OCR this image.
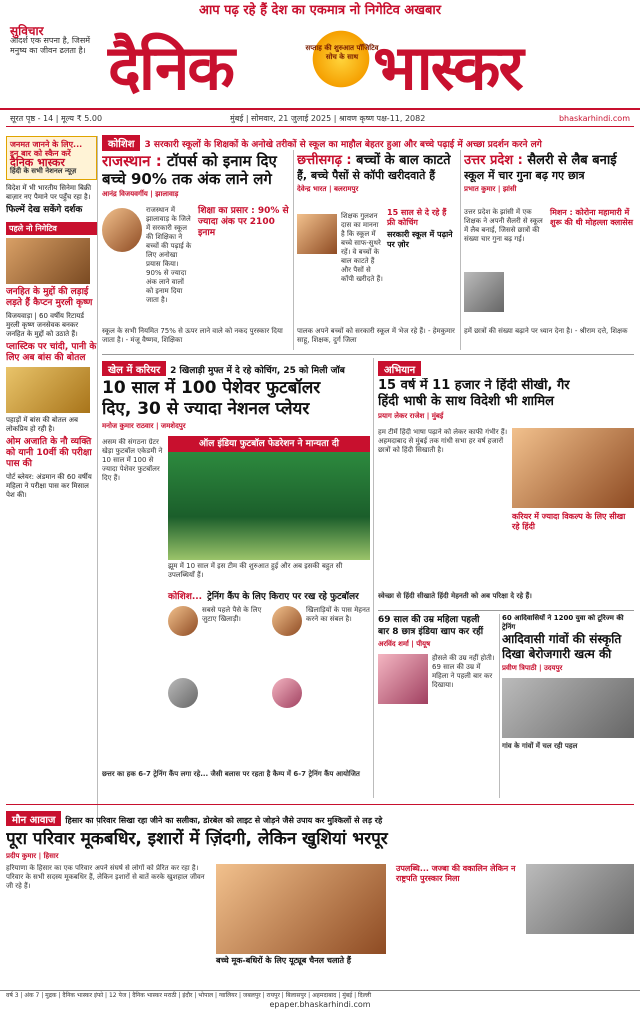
आप पढ़ रहे हैं देश का एकमात्र नो निगेटिव अखबार
सुविचार
आदर्श एक सपना है, जिसमें मनुष्य का जीवन ढलता है। दैनिक	सप्ताह की शुरुआत पॉजिटिव सोच के साथ भास्कर
सूरत पृष्ठ - 14 | मूल्य ₹ 5.00	मुंबई | सोमवार, 21 जुलाई 2025 | श्रावण कृष्ण पक्ष-11, 2082	bhaskarhindi.com
जनमत जानने के लिए...
इन बार को स्कैन करें
दैनिक भास्कर
हिंदी के सभी नेशनल न्यूज़

विदेश में भी भारतीय सिनेमा बिक्री बाज़ार नए पैमाने पर पहुँच रहा है।

फिल्में देख सकेंगे दर्शक
पहले नो निगेटिव
जनहित के मुद्दों की लड़ाई लड़ते हैं कैप्टन मुरली कृष्ण

विजयवाड़ा | 60 वर्षीय रिटायर्ड मुरली कृष्ण जनसेवक बनकर जनहित के मुद्दों को उठाते हैं।

प्लास्टिक पर चांदी, पानी के लिए अब बांस की बोतल

पहाड़ों में बांस की बोतल अब लोकप्रिय हो रही है।

ओम अजाति के नौ व्यक्ति को यानी 10वीं की परीक्षा पास की

पोर्ट ब्लेयर: अंडमान की 60 वर्षीय महिला ने परीक्षा पास कर मिसाल पेश की।

कोशिश 3 सरकारी स्कूलों के शिक्षकों के अनोखे तरीकों से स्कूल का माहौल बेहतर हुआ और बच्चे पढ़ाई में अच्छा प्रदर्शन करने लगे
राजस्थान : टॉपर्स को इनाम दिए
बच्चे 90% तक अंक लाने लगे
आनंद्र विजयवर्गीय | झालावाड़
राजस्थान में झालावाड़ के जिले में सरकारी स्कूल की शिक्षिका ने बच्चों की पढ़ाई के लिए अनोखा प्रयास किया। 90% से ज्यादा अंक लाने वालों को इनाम दिया जाता है।
शिक्षा का प्रसार : 90% से ज्यादा अंक पर 2100 इनाम
स्कूल के सभी नियमित 75% से ऊपर लाने वाले को नकद पुरस्कार दिया जाता है। - मंजू वैष्णव, शिक्षिका
छत्तीसगढ़ : बच्चों के बाल काटते
हैं, बच्चे पैसों से कॉपी खरीदवाते हैं
देवेन्द्र भारत | बलरामपुर
शिक्षक गुलशन दास का मानना है कि स्कूल में बच्चे साफ-सुथरे रहें। वे बच्चों के बाल काटते हैं और पैसों से कॉपी खरीदते हैं।
15 साल से दे रहे हैं फ्री कोचिंग
सरकारी स्कूल में पढ़ाने पर ज़ोर
पालक अपने बच्चों को सरकारी स्कूल में भेज रहे हैं। - हेमकुमार साहू, शिक्षक, दुर्ग जिला
उत्तर प्रदेश : सैलरी से लैब बनाई
स्कूल में चार गुना बढ़ गए छात्र
प्रभात कुमार | झांसी
उत्तर प्रदेश के झांसी में एक शिक्षक ने अपनी सैलरी से स्कूल में लैब बनाई, जिससे छात्रों की संख्या चार गुना बढ़ गई।
मिशन : कोरोना महामारी में शुरू की थी मोहल्ला क्लासेस
हमें छात्रों की संख्या बढ़ाने पर ध्यान देना है। - श्रीराम दत्ते, शिक्षक
खेल में करियर 2 खिलाड़ी मुफ्त में दे रहे कोचिंग, 25 को मिली जॉब
10 साल में 100 पेशेवर फुटबॉलर
दिए, 30 से ज्यादा नेशनल प्लेयर
मनोज कुमार राठवार | जमशेदपुर
असम की संगठना ग्रेटर खेड़ा फुटबॉल एकेडमी ने 10 साल में 100 से ज्यादा पेशेवर फुटबॉलर दिए हैं।
ऑल इंडिया फुटबॉल फेडरेशन ने मान्यता दी
झूम में 10 साल में इस टीम की शुरुआत हुई और अब इसकी बहुत सी उपलब्धियाँ हैं।
कोशिश... ट्रेनिंग कैंप के लिए किराए पर रख रहे फुटबॉलर
सबसे पहले पैसे के लिए जुटाए खिलाड़ी।
खिलाड़ियों के पास मेहनत करने का संबल है।
छत्तर का हक 6-7 ट्रेनिंग कैंप लगा रहे... जैसी बलास पर रहता है कैम्प में 6-7 ट्रेनिंग कैंप आयोजित
अभियान
15 वर्ष में 11 हजार ने हिंदी सीखी, गैर
हिंदी भाषी के साथ विदेशी भी शामिल
प्रयाग लेकर राजेश | मुंबई
हम टीमें हिंदी भाषा पढ़ाने को लेकर काफी गंभीर हैं। अहमदाबाद से मुंबई तक गांधी सभा हर वर्ष हजारों छात्रों को हिंदी सिखाती है।
करियर में ज्यादा विकल्प के लिए सीखा रहे हिंदी
स्वेच्छा से हिंदी सीखाते हिंदी मेहनती को अब परिक्षा दे रहे हैं।
69 साल की उम्र महिला पहली
बार 8 छात्र इंडिया खाप कर रहीं
अरविंद शर्मा | पीयूष
हौसले की उम्र नहीं होती। 69 साल की उम्र में महिला ने पहली बार कर दिखाया।
60 आदिवासियों ने 1200 युवा को टूरिज्म की ट्रेनिंग
आदिवासी गांवों की संस्कृति
दिखा बेरोजगारी खत्म की
प्रवीण त्रिपाठी | उदयपुर
गांव के गांवों में चल रही पहल
मौन आवाज हिसार का परिवार सिखा रहा जीने का सलीका, डोरबेल को लाइट से जोड़ने जैसे उपाय कर मुश्किलों से लड़ रहे
पूरा परिवार मूकबधिर, इशारों में ज़िंदगी, लेकिन खुशियां भरपूर
प्रदीप कुमार | हिसार
हरियाणा के हिसार का एक परिवार अपने संघर्ष से लोगों को प्रेरित कर रहा है। परिवार के सभी सदस्य मूकबधिर हैं, लेकिन इशारों से बातें करके खुशहाल जीवन जी रहे हैं।
उपलब्धि... जज्बा की वकालिन लेकिन न राष्ट्रपति पुरस्कार मिला
बच्चे मूक-बधिरों के लिए यूट्यूब चैनल चलाते हैं
वर्ष 3 | अंक 7 | मुद्रक | दैनिक भास्कर इंफो | 12 पेज | दैनिक भास्कर मराठी | इंदौर | भोपाल | ग्वालियर | जबलपुर | रायपुर | बिलासपुर | अहमदाबाद | मुंबई | दिल्ली
epaper.bhaskarhindi.com
